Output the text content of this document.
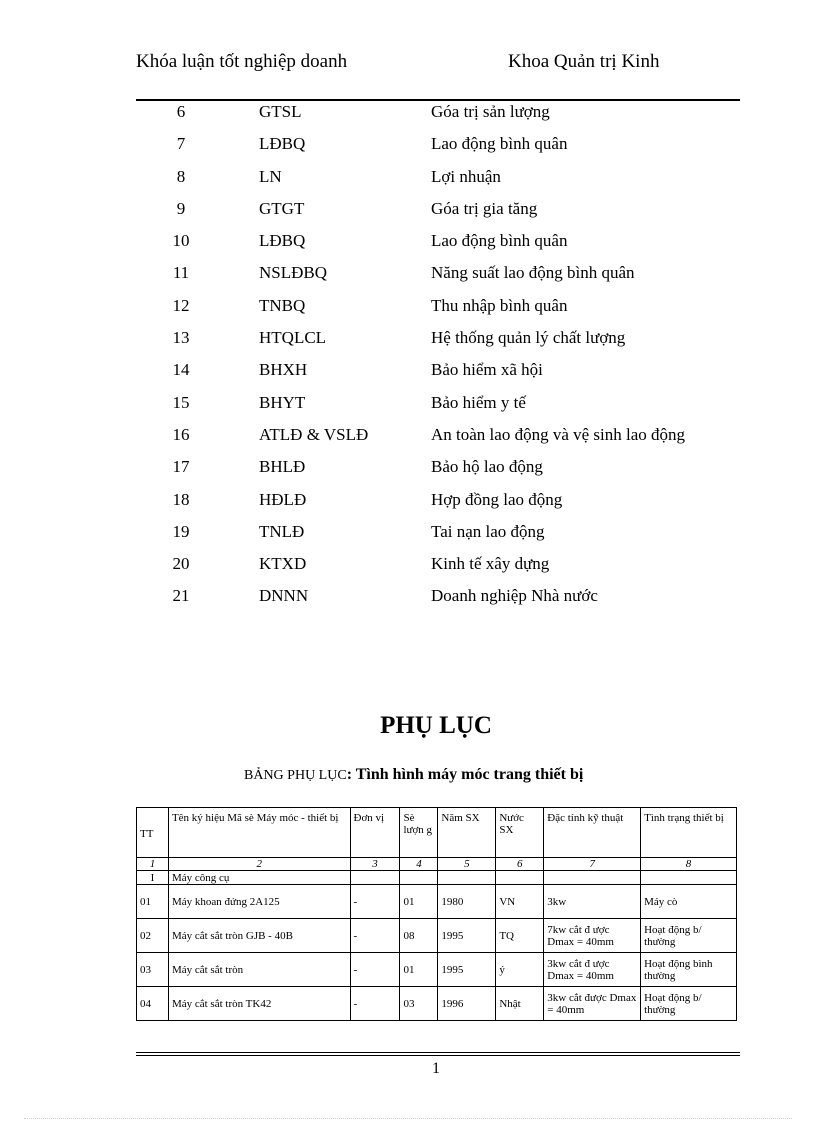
Khóa luận tốt nghiệp doanh	Khoa Quản trị Kinh
6	GTSL	Góa trị sản lượng
7	LĐBQ	Lao động bình quân
8	LN	Lợi nhuận
9	GTGT	Góa trị gia tăng
10	LĐBQ	Lao động bình quân
11	NSLĐBQ	Năng suất lao động bình quân
12	TNBQ	Thu nhập bình quân
13	HTQLCL	Hệ thống quản lý chất lượng
14	BHXH	Bảo hiểm xã hội
15	BHYT	Bảo hiểm y tế
16	ATLĐ & VSLĐ	An toàn lao động và vệ sinh lao động
17	BHLĐ	Bảo hộ lao động
18	HĐLĐ	Hợp đồng lao động
19	TNLĐ	Tai nạn lao động
20	KTXD	Kinh tế xây dựng
21	DNNN	Doanh nghiệp Nhà nước
PHỤ LỤC
BẢNG PHỤ LỤC: Tình hình máy móc trang thiết bị
TT	Tên ký hiệu Mã sè Máy móc - thiết bị	Đơn vị	Sè lượn g	Năm SX	Nước SX	Đặc tính kỹ thuật	Tình trạng thiết bị
1	2	3	4	5	6	7	8
I	Máy công cụ						
01	Máy khoan đứng 2A125	-	01	1980	VN	3kw	Máy cò
02	Máy cắt sắt tròn GJB - 40B	-	08	1995	TQ	7kw cắt đ ược Dmax = 40mm	Hoạt động b/ thường
03	Máy cắt sắt tròn	-	01	1995	ý	3kw cắt đ ược Dmax = 40mm	Hoạt động bình thường
04	Máy cắt sắt tròn TK42	-	03	1996	Nhật	3kw cắt được Dmax = 40mm	Hoạt động b/ thường
1
